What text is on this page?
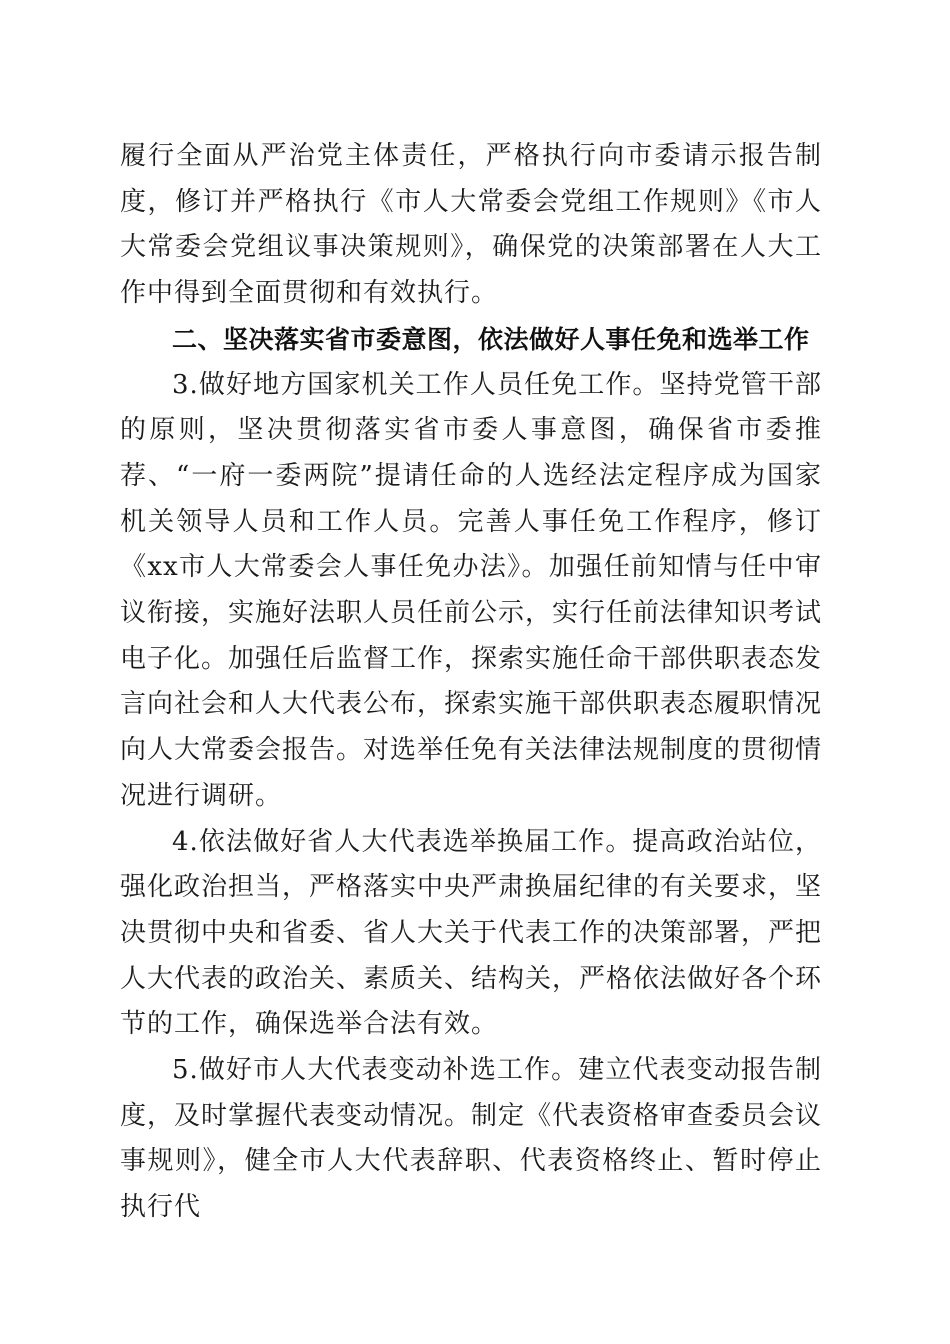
履行全面从严治党主体责任，严格执行向市委请示报告制度，修订并严格执行《市人大常委会党组工作规则》《市人大常委会党组议事决策规则》，确保党的决策部署在人大工作中得到全面贯彻和有效执行。

二、坚决落实省市委意图，依法做好人事任免和选举工作

3.做好地方国家机关工作人员任免工作。坚持党管干部的原则，坚决贯彻落实省市委人事意图，确保省市委推荐、“一府一委两院”提请任命的人选经法定程序成为国家机关领导人员和工作人员。完善人事任免工作程序，修订《xx市人大常委会人事任免办法》。加强任前知情与任中审议衔接，实施好法职人员任前公示，实行任前法律知识考试电子化。加强任后监督工作，探索实施任命干部供职表态发言向社会和人大代表公布，探索实施干部供职表态履职情况向人大常委会报告。对选举任免有关法律法规制度的贯彻情况进行调研。

4.依法做好省人大代表选举换届工作。提高政治站位，强化政治担当，严格落实中央严肃换届纪律的有关要求，坚决贯彻中央和省委、省人大关于代表工作的决策部署，严把人大代表的政治关、素质关、结构关，严格依法做好各个环节的工作，确保选举合法有效。

5.做好市人大代表变动补选工作。建立代表变动报告制度，及时掌握代表变动情况。制定《代表资格审查委员会议事规则》，健全市人大代表辞职、代表资格终止、暂时停止执行代
